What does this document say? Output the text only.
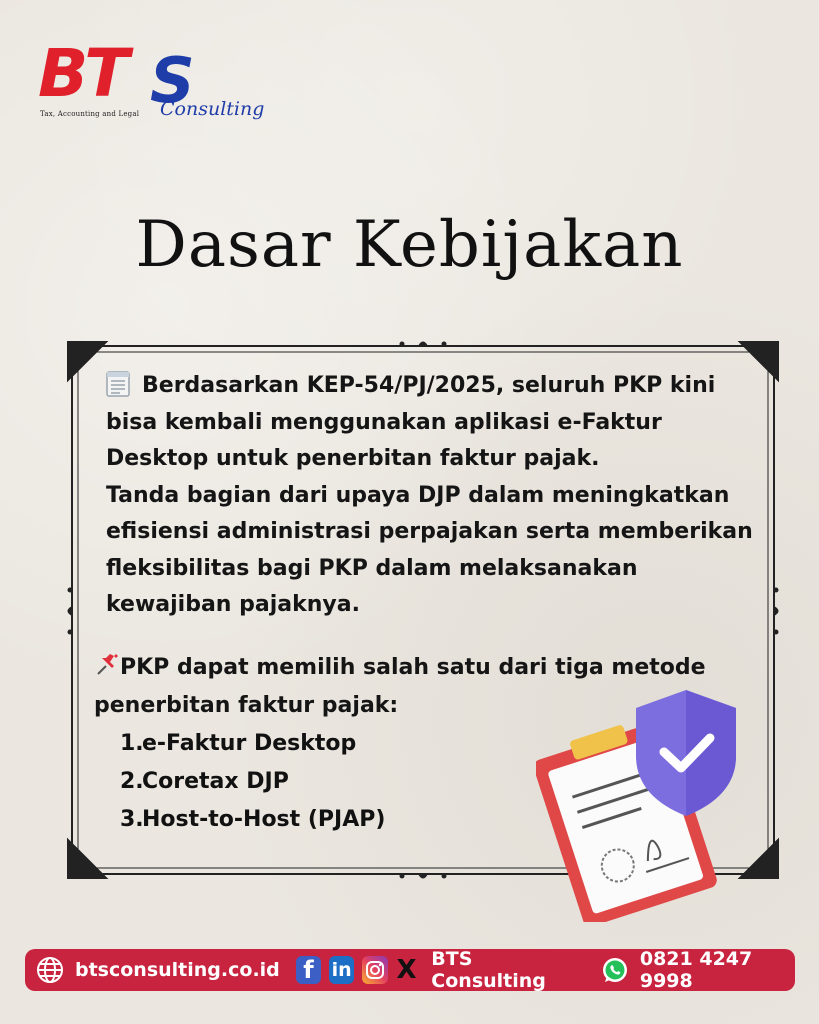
BT S
Tax, Accounting and Legal Consulting
Dasar Kebijakan
Berdasarkan KEP-54/PJ/2025, seluruh PKP kini bisa kembali menggunakan aplikasi e-Faktur Desktop untuk penerbitan faktur pajak.
Tanda bagian dari upaya DJP dalam meningkatkan efisiensi administrasi perpajakan serta memberikan fleksibilitas bagi PKP dalam melaksanakan kewajiban pajaknya.
PKP dapat memilih salah satu dari tiga metode penerbitan faktur pajak:
1.
e-Faktur Desktop
2.
Coretax DJP
3.
Host-to-Host (PJAP)
btsconsulting.co.id f in X BTS Consulting
0821 4247 9998
